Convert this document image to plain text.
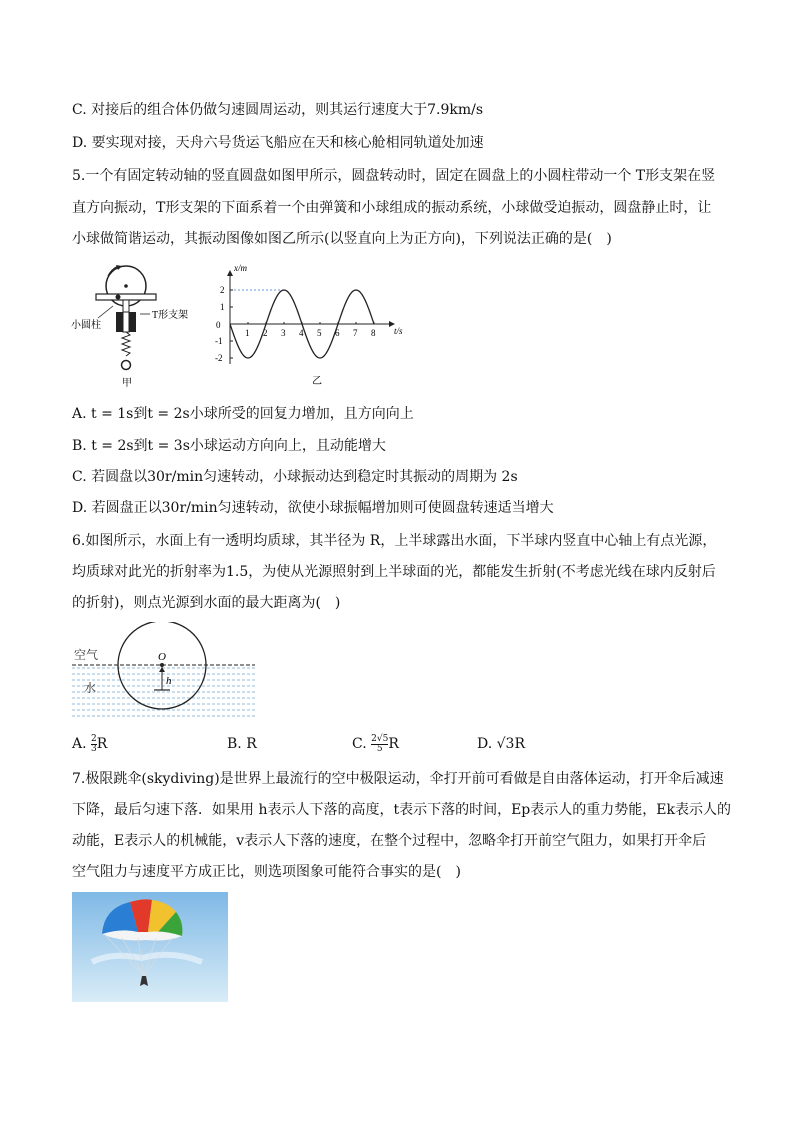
C. 对接后的组合体仍做匀速圆周运动，则其运行速度大于7.9km/s
D. 要实现对接，天舟六号货运飞船应在天和核心舱相同轨道处加速
5.一个有固定转动轴的竖直圆盘如图甲所示，圆盘转动时，固定在圆盘上的小圆柱带动一个 T形支架在竖
直方向振动，T形支架的下面系着一个由弹簧和小球组成的振动系统，小球做受迫振动，圆盘静止时，让
小球做简谐运动，其振动图像如图乙所示(以竖直向上为正方向)，下列说法正确的是(　)
小圆柱
T形支架
甲
1 2 3 4 5 6 7 8
2
1
-1
-2
x/m
t/s
0
乙
A. t = 1s到t = 2s小球所受的回复力增加，且方向向上
B. t = 2s到t = 3s小球运动方向向上，且动能增大
C. 若圆盘以30r/min匀速转动，小球振动达到稳定时其振动的周期为 2s
D. 若圆盘正以30r/min匀速转动，欲使小球振幅增加则可使圆盘转速适当增大
6.如图所示，水面上有一透明均质球，其半径为 R，上半球露出水面，下半球内竖直中心轴上有点光源，
均质球对此光的折射率为1.5，为使从光源照射到上半球面的光，都能发生折射(不考虑光线在球内反射后
的折射)，则点光源到水面的最大距离为(　)
空气
水
O
h
A. $\frac{2}{3}$ R	B. R	C. $\frac{2√5}{5}$ R	D. √3R
7.极限跳伞(skydiving)是世界上最流行的空中极限运动，伞打开前可看做是自由落体运动，打开伞后减速
下降，最后匀速下落．如果用 h表示人下落的高度，t表示下落的时间，Ep表示人的重力势能，Ek表示人的
动能，E表示人的机械能，v表示人下落的速度，在整个过程中，忽略伞打开前空气阻力，如果打开伞后
空气阻力与速度平方成正比，则选项图象可能符合事实的是(　)
